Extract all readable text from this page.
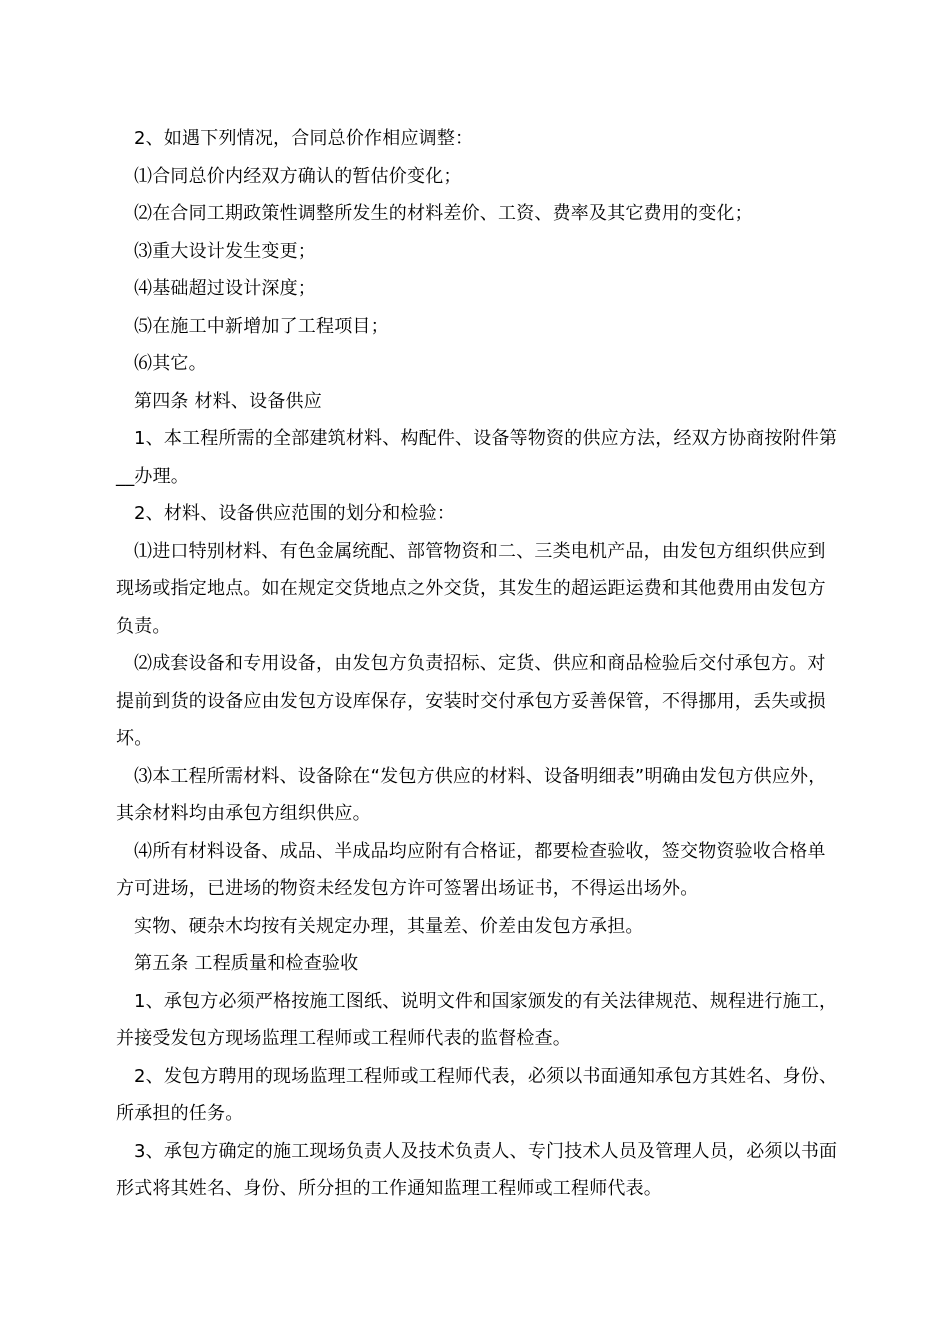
2、如遇下列情况，合同总价作相应调整：

⑴合同总价内经双方确认的暂估价变化；

⑵在合同工期政策性调整所发生的材料差价、工资、费率及其它费用的变化；

⑶重大设计发生变更；

⑷基础超过设计深度；

⑸在施工中新增加了工程项目；

⑹其它。

第四条 材料、设备供应

1、本工程所需的全部建筑材料、构配件、设备等物资的供应方法，经双方协商按附件第__办理。

2、材料、设备供应范围的划分和检验：

⑴进口特别材料、有色金属统配、部管物资和二、三类电机产品，由发包方组织供应到现场或指定地点。如在规定交货地点之外交货，其发生的超运距运费和其他费用由发包方负责。

⑵成套设备和专用设备，由发包方负责招标、定货、供应和商品检验后交付承包方。对提前到货的设备应由发包方设库保存，安装时交付承包方妥善保管，不得挪用，丢失或损坏。

⑶本工程所需材料、设备除在“发包方供应的材料、设备明细表”明确由发包方供应外，其余材料均由承包方组织供应。

⑷所有材料设备、成品、半成品均应附有合格证，都要检查验收，签交物资验收合格单方可进场，已进场的物资未经发包方许可签署出场证书，不得运出场外。

实物、硬杂木均按有关规定办理，其量差、价差由发包方承担。

第五条 工程质量和检查验收

1、承包方必须严格按施工图纸、说明文件和国家颁发的有关法律规范、规程进行施工，并接受发包方现场监理工程师或工程师代表的监督检查。

2、发包方聘用的现场监理工程师或工程师代表，必须以书面通知承包方其姓名、身份、所承担的任务。

3、承包方确定的施工现场负责人及技术负责人、专门技术人员及管理人员，必须以书面形式将其姓名、身份、所分担的工作通知监理工程师或工程师代表。
